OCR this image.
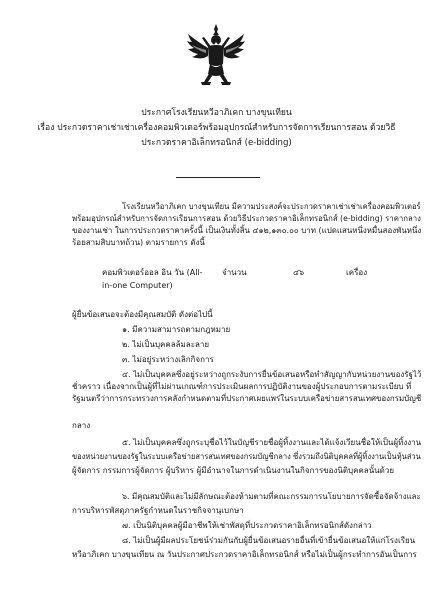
ประกาศโรงเรียนหวีอาภิเคก บางขุนเทียน
เรื่อง ประกวดราคาเช่าเช่าเครื่องคอมพิวเตอร์พร้อมอุปกรณ์สำหรับการจัดการเรียนการสอน ด้วยวิธี
ประกวดราคาอิเล็กทรอนิกส์ (e-bidding)
โรงเรียนหวีอาภิเคก บางขุนเทียน มีความประสงค์จะประกวดราคาเช่าเช่าเครื่องคอมพิวเตอร์
พร้อมอุปกรณ์สำหรับการจัดการเรียนการสอน ด้วยวิธีประกวดราคาอิเล็กทรอนิกส์ (e-bidding) ราคากลาง
ของงานเช่า ในการประกวดราคาครั้งนี้ เป็นเงินทั้งสิ้น ๔๑๒,๑๓๐.๐๐ บาท (แปดแสนหนึ่งหมื่นสองพันหนึ่ง
ร้อยสามสิบบาทถ้วน) ตามรายการ ดังนี้
คอมพิวเตอร์ออล อิน วัน (All-
in-one Computer)
จำนวน	๔๖	เครื่อง
ผู้ยื่นข้อเสนอจะต้องมีคุณสมบัติ ดังต่อไปนี้
๑. มีความสามารถตามกฎหมาย
๒. ไม่เป็นบุคคลล้มละลาย
๓. ไม่อยู่ระหว่างเลิกกิจการ
๔. ไม่เป็นบุคคลซึ่งอยู่ระหว่างถูกระงับการยื่นข้อเสนอหรือทำสัญญากับหน่วยงานของรัฐไว้
ชั่วคราว เนื่องจากเป็นผู้ที่ไม่ผ่านเกณฑ์การประเมินผลการปฏิบัติงานของผู้ประกอบการตามระเบียบ ที่
รัฐมนตรีว่าการกระทรวงการคลังกำหนดตามที่ประกาศเผยแพร่ในระบบเครือข่ายสารสนเทศของกรมบัญชี
กลาง
๕. ไม่เป็นบุคคลซึ่งถูกระบุชื่อไว้ในบัญชีรายชื่อผู้ทิ้งงานและได้แจ้งเวียนชื่อให้เป็นผู้ทิ้งงาน
ของหน่วยงานของรัฐในระบบเครือข่ายสารสนเทศของกรมบัญชีกลาง ซึ่งรวมถึงนิติบุคคลที่ผู้ทิ้งงานเป็นหุ้นส่วน
ผู้จัดการ กรรมการผู้จัดการ ผู้บริหาร ผู้มีอำนาจในการดำเนินงานในกิจการของนิติบุคคลนั้นด้วย
๖. มีคุณสมบัติและไม่มีลักษณะต้องห้ามตามที่คณะกรรมการนโยบายการจัดซื้อจัดจ้างและ
การบริหารพัสดุภาครัฐกำหนดในราชกิจจานุเบกษา
๗. เป็นนิติบุคคลผู้มีอาชีพให้เช่าพัสดุที่ประกวดราคาอิเล็กทรอนิกส์ดังกล่าว
๘. ไม่เป็นผู้มีผลประโยชน์ร่วมกันกับผู้ยื่นข้อเสนอรายอื่นที่เข้ายื่นข้อเสนอให้แก่โรงเรียน
หวีอาภิเคก บางขุนเทียน ณ วันประกาศประกวดราคาอิเล็กทรอนิกส์ หรือไม่เป็นผู้กระทำการอันเป็นการ
